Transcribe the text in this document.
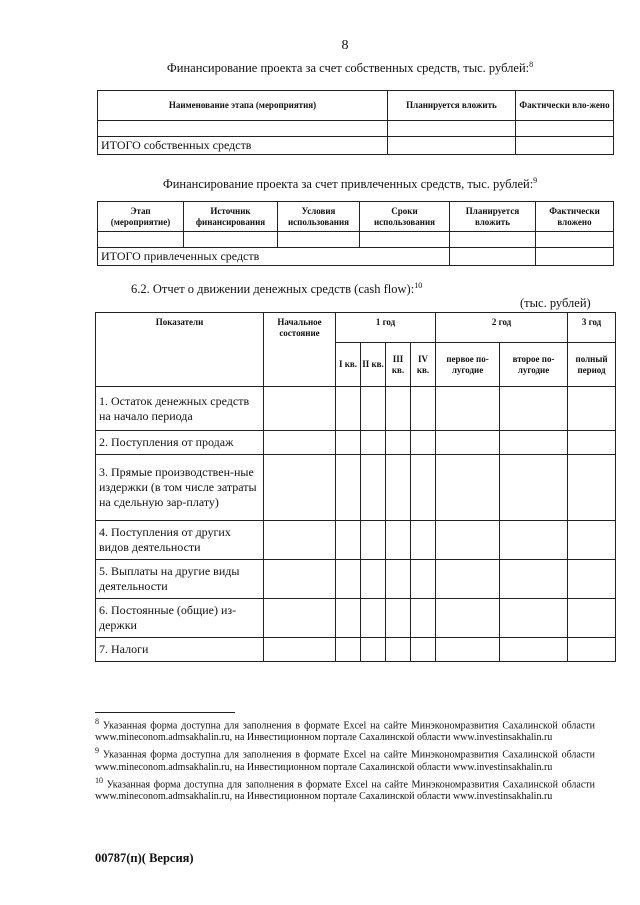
8
Финансирование проекта за счет собственных средств, тыс. рублей:$^8$
Наименование этапа (мероприятия)	Планируется вложить	Фактически вло-жено

ИТОГО собственных средств		
Финансирование проекта за счет привлеченных средств, тыс. рублей:$^9$
Этап (мероприятие)	Источник финансирования	Условия использования	Сроки использования	Планируется вложить	Фактически вложено

ИТОГО привлеченных средств					
6.2. Отчет о движении денежных средств (cash flow):$^{10}$
(тыс. рублей)
Показатели	Начальное состояние	1 год				2 год		3 год
		I кв.	II кв.	III кв.	IV кв.	первое по-лугодие	второе по-лугодие	полный период
1. Остаток денежных средств на начало периода								
2. Поступления от продаж								
3. Прямые производствен-ные издержки (в том числе затраты на сдельную зар-плату)								
4. Поступления от других видов деятельности								
5. Выплаты на другие виды деятельности								
6. Постоянные (общие) из-держки								
7. Налоги								
$^8$ Указанная форма доступна для заполнения в формате Excel на сайте Минэкономразвития Сахалинской области www.mineconom.admsakhalin.ru, на Инвестиционном портале Сахалинской области www.investinsakhalin.ru
$^9$ Указанная форма доступна для заполнения в формате Excel на сайте Минэкономразвития Сахалинской области www.mineconom.admsakhalin.ru, на Инвестиционном портале Сахалинской области www.investinsakhalin.ru
$^{10}$ Указанная форма доступна для заполнения в формате Excel на сайте Минэкономразвития Сахалинской области www.mineconom.admsakhalin.ru, на Инвестиционном портале Сахалинской области www.investinsakhalin.ru
00787(п)( Версия)
